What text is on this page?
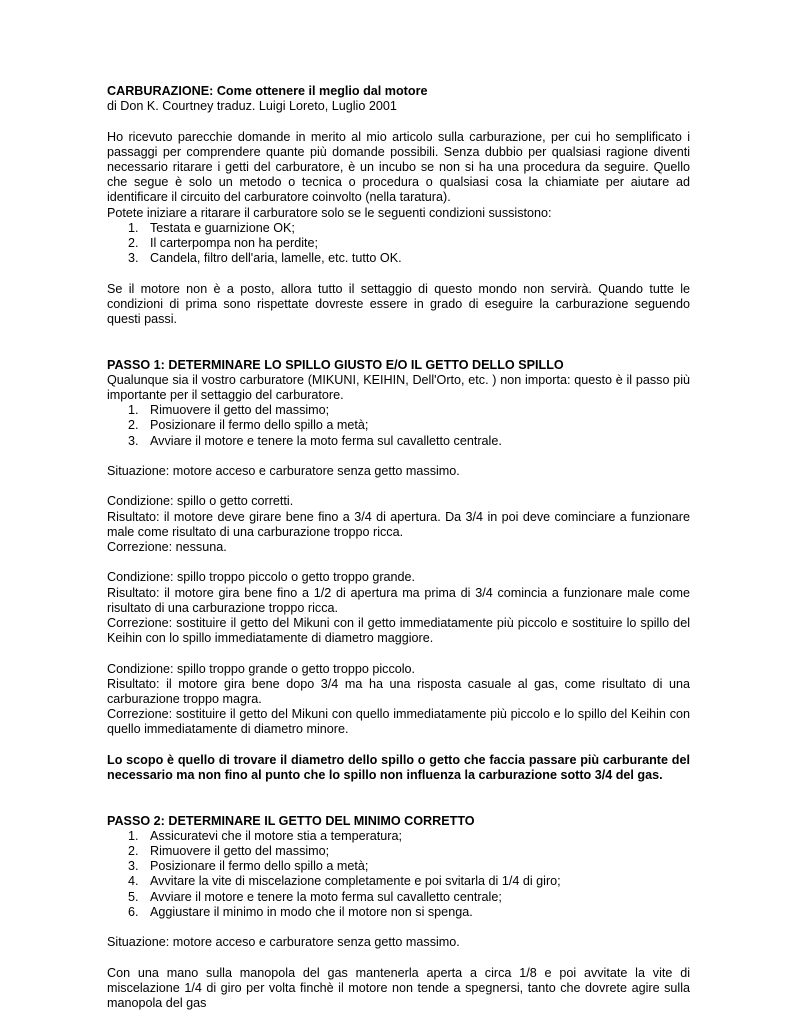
CARBURAZIONE: Come ottenere il meglio dal motore

di Don K. Courtney traduz. Luigi Loreto, Luglio 2001

Ho ricevuto parecchie domande in merito al mio articolo sulla carburazione, per cui ho semplificato i passaggi per comprendere quante più domande possibili. Senza dubbio per qualsiasi ragione diventi necessario ritarare i getti del carburatore, è un incubo se non si ha una procedura da seguire. Quello che segue è solo un metodo o tecnica o procedura o qualsiasi cosa la chiamiate per aiutare ad identificare il circuito del carburatore coinvolto (nella taratura).

Potete iniziare a ritarare il carburatore solo se le seguenti condizioni sussistono:

1. Testata e guarnizione OK;
2. Il carterpompa non ha perdite;
3. Candela, filtro dell'aria, lamelle, etc. tutto OK.

Se il motore non è a posto, allora tutto il settaggio di questo mondo non servirà. Quando tutte le condizioni di prima sono rispettate dovreste essere in grado di eseguire la carburazione seguendo questi passi.

PASSO 1: DETERMINARE LO SPILLO GIUSTO E/O IL GETTO DELLO SPILLO

Qualunque sia il vostro carburatore (MIKUNI, KEIHIN, Dell'Orto, etc. ) non importa: questo è il passo più importante per il settaggio del carburatore.

1. Rimuovere il getto del massimo;
2. Posizionare il fermo dello spillo a metà;
3. Avviare il motore e tenere la moto ferma sul cavalletto centrale.

Situazione: motore acceso e carburatore senza getto massimo.

Condizione: spillo o getto corretti.

Risultato: il motore deve girare bene fino a 3/4 di apertura. Da 3/4 in poi deve cominciare a funzionare male come risultato di una carburazione troppo ricca.

Correzione: nessuna.

Condizione: spillo troppo piccolo o getto troppo grande.

Risultato: il motore gira bene fino a 1/2 di apertura ma prima di 3/4 comincia a funzionare male come risultato di una carburazione troppo ricca.

Correzione: sostituire il getto del Mikuni con il getto immediatamente più piccolo e sostituire lo spillo del Keihin con lo spillo immediatamente di diametro maggiore.

Condizione: spillo troppo grande o getto troppo piccolo.

Risultato: il motore gira bene dopo 3/4 ma ha una risposta casuale al gas, come risultato di una carburazione troppo magra.

Correzione: sostituire il getto del Mikuni con quello immediatamente più piccolo e lo spillo del Keihin con quello immediatamente di diametro minore.

Lo scopo è quello di trovare il diametro dello spillo o getto che faccia passare più carburante del necessario ma non fino al punto che lo spillo non influenza la carburazione sotto 3/4 del gas.

PASSO 2: DETERMINARE IL GETTO DEL MINIMO CORRETTO

1. Assicuratevi che il motore stia a temperatura;
2. Rimuovere il getto del massimo;
3. Posizionare il fermo dello spillo a metà;
4. Avvitare la vite di miscelazione completamente e poi svitarla di 1/4 di giro;
5. Avviare il motore e tenere la moto ferma sul cavalletto centrale;
6. Aggiustare il minimo in modo che il motore non si spenga.

Situazione: motore acceso e carburatore senza getto massimo.

Con una mano sulla manopola del gas mantenerla aperta a circa 1/8 e poi avvitate la vite di miscelazione 1/4 di giro per volta finchè il motore non tende a spegnersi, tanto che dovrete agire sulla manopola del gas
